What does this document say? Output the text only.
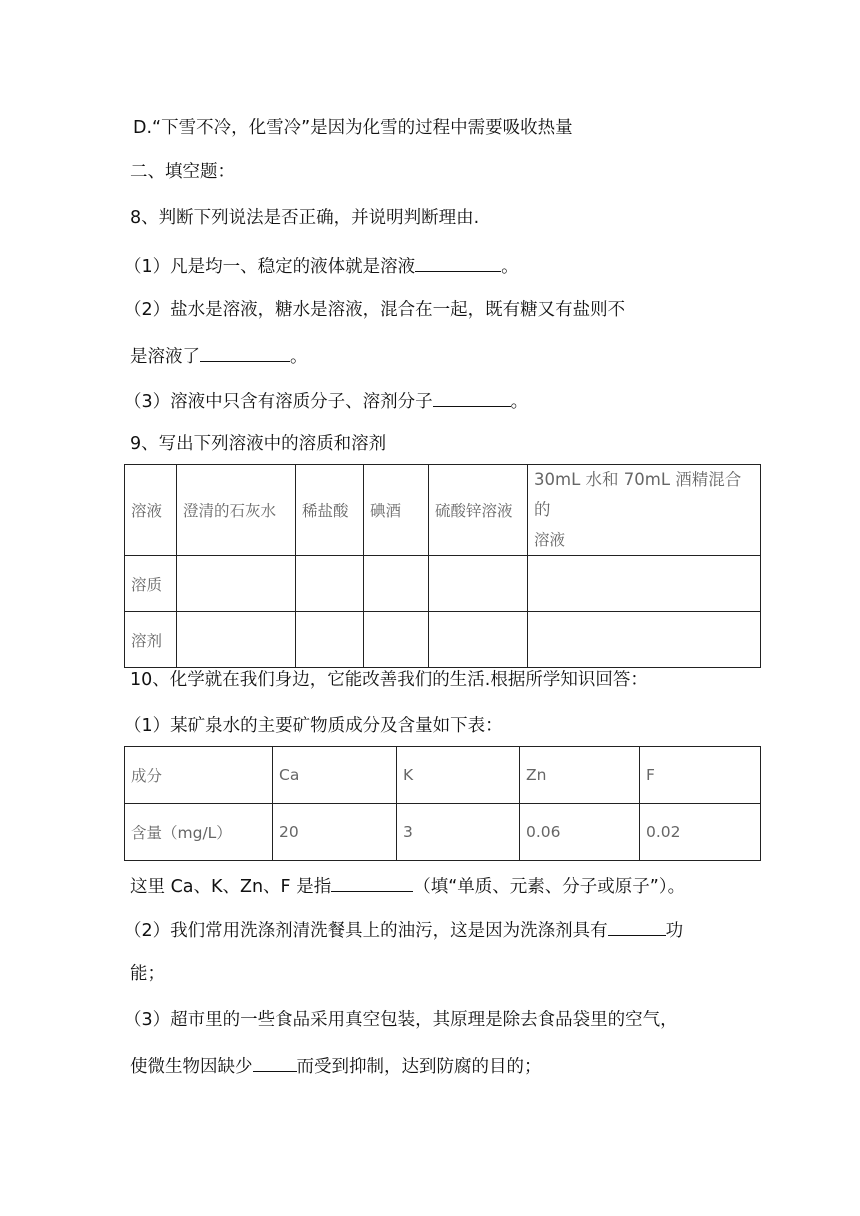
D.“下雪不冷，化雪冷”是因为化雪的过程中需要吸收热量
二、填空题：
8、判断下列说法是否正确，并说明判断理由.
（1）凡是均一、稳定的液体就是溶液	。
（2）盐水是溶液，糖水是溶液，混合在一起，既有糖又有盐则不
是溶液了	。
（3）溶液中只含有溶质分子、溶剂分子	。
9、写出下列溶液中的溶质和溶剂
溶液	澄清的石灰水	稀盐酸	碘酒	硫酸锌溶液	30mL 水和 70mL 酒精混合的
溶液
溶质					
溶剂					
10、化学就在我们身边，它能改善我们的生活.根据所学知识回答：
（1）某矿泉水的主要矿物质成分及含量如下表：
成分	Ca	K	Zn	F
含量（mg/L）	20	3	0.06	0.02
这里 Ca、K、Zn、F 是指	（填“单质、元素、分子或原子”）。
（2）我们常用洗涤剂清洗餐具上的油污，这是因为洗涤剂具有	功
能；
（3）超市里的一些食品采用真空包装，其原理是除去食品袋里的空气，
使微生物因缺少	而受到抑制，达到防腐的目的；
